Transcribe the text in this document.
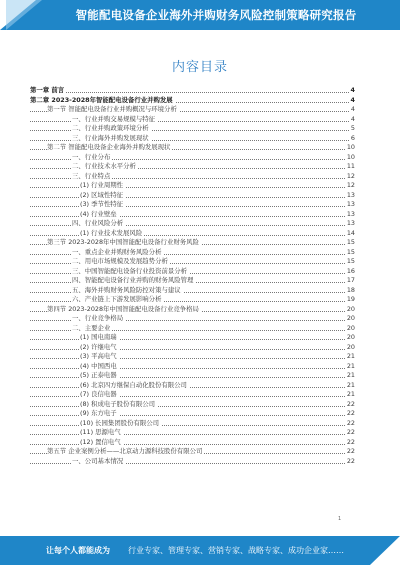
智能配电设备企业海外并购财务风险控制策略研究报告
内容目录
第一章 前言	4
第二章 2023-2028年智能配电设备行业并购发展	4
第一节 智能配电设备行业并购概况与环境分析	4
一、行业并购交易规模与特征	4
二、行业并购政策环境分析	5
三、行业海外并购发展现状	6
第二节 智能配电设备企业海外并购发展现状	10
一、行业分布	10
二、行业技术水平分析	11
三、行业特点	12
(1) 行业周期性	12
(2) 区域性特征	13
(3) 季节性特征	13
(4) 行业壁垒	13
四、行业风险分析	13
(1) 行业技术发展风险	14
第三节 2023-2028年中国智能配电设备行业财务风险	15
一、重点企业并购财务风险分析	15
二、用电市场规模及发展趋势分析	15
三、中国智能配电设备行业投资前景分析	16
四、智能配电设备行业并购的财务风险管理	17
五、海外并购财务风险防控对策与建议	18
六、产业链上下游发展影响分析	19
第四节 2023-2028年中国智能配电设备行业竞争格局	20
一、行业竞争格局	20
二、主要企业	20
(1) 国电南瑞	20
(2) 许继电气	20
(3) 平高电气	21
(4) 中国西电	21
(5) 正泰电器	21
(6) 北京四方继保自动化股份有限公司	21
(7) 良信电器	21
(8) 积成电子股份有限公司	22
(9) 东方电子	22
(10) 长园集团股份有限公司	22
(11) 思源电气	22
(12) 置信电气	22
第五节 企业案例分析——北京动力源科技股份有限公司	22
一、公司基本情况	22
1
让每个人都能成为 行业专家、管理专家、营销专家、战略专家、成功企业家……
